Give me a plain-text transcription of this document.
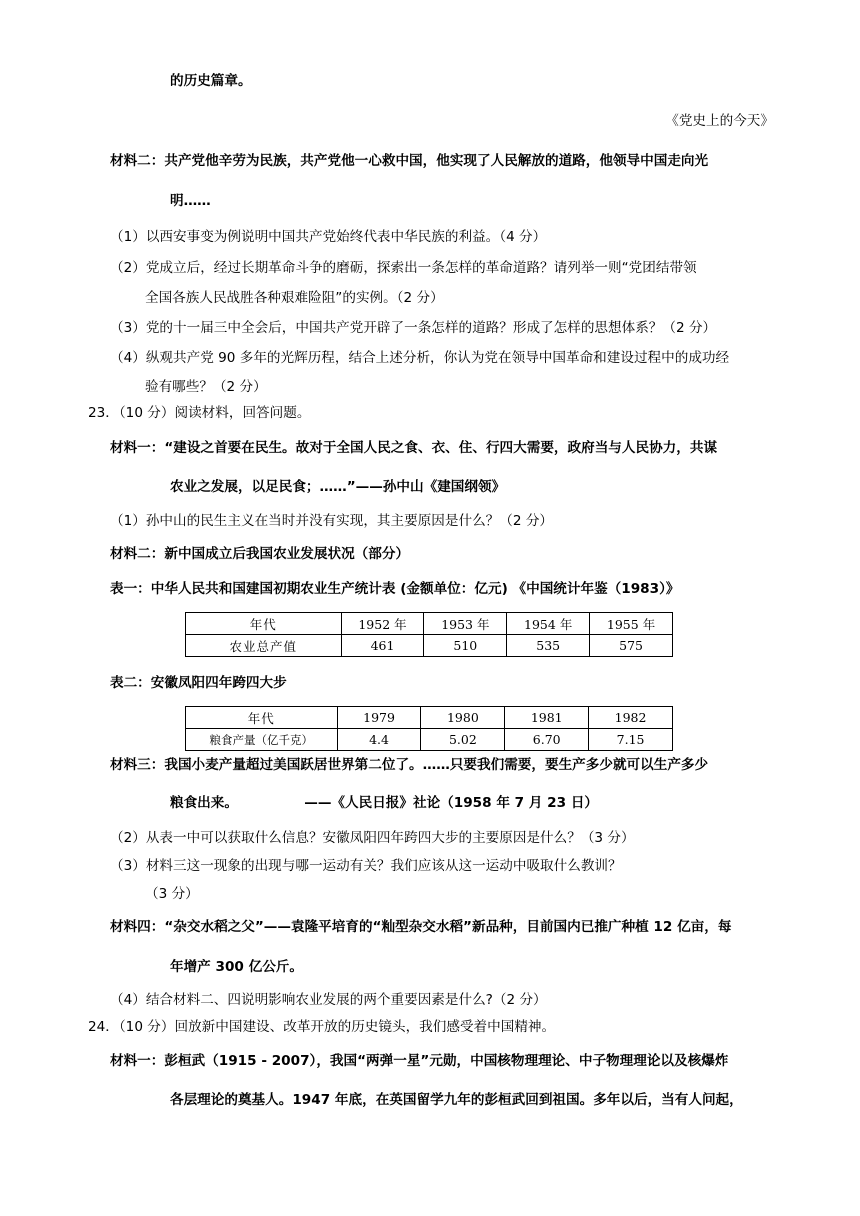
的历史篇章。
《党史上的今天》
材料二：共产党他辛劳为民族，共产党他一心救中国，他实现了人民解放的道路，他领导中国走向光
明……
（1）以西安事变为例说明中国共产党始终代表中华民族的利益。（4 分）
（2）党成立后，经过长期革命斗争的磨砺，探索出一条怎样的革命道路？请列举一则“党团结带领
全国各族人民战胜各种艰难险阻”的实例。（2 分）
（3）党的十一届三中全会后，中国共产党开辟了一条怎样的道路？形成了怎样的思想体系？（2 分）
（4）纵观共产党 90 多年的光辉历程，结合上述分析，你认为党在领导中国革命和建设过程中的成功经
验有哪些？（2 分）
23．（10 分）阅读材料，回答问题。
材料一：“建设之首要在民生。故对于全国人民之食、衣、住、行四大需要，政府当与人民协力，共谋
农业之发展，以足民食；……”——孙中山《建国纲领》
（1）孙中山的民生主义在当时并没有实现，其主要原因是什么？（2 分）
材料二：新中国成立后我国农业发展状况（部分）
表一：中华人民共和国建国初期农业生产统计表 (金额单位：亿元) 《中国统计年鉴（1983）》
年代	1952 年	1953 年	1954 年	1955 年
农业总产值	461	510	535	575
表二：安徽凤阳四年跨四大步
年代	1979	1980	1981	1982
粮食产量（亿千克）	4.4	5.02	6.70	7.15
材料三：我国小麦产量超过美国跃居世界第二位了。……只要我们需要，要生产多少就可以生产多少
粮食出来。              ——《人民日报》社论（1958 年 7 月 23 日）
（2）从表一中可以获取什么信息？安徽凤阳四年跨四大步的主要原因是什么？（3 分）
（3）材料三这一现象的出现与哪一运动有关？我们应该从这一运动中吸取什么教训？
（3 分）
材料四：“杂交水稻之父”——袁隆平培育的“籼型杂交水稻”新品种，目前国内已推广种植 12 亿亩，每
年增产 300 亿公斤。
（4）结合材料二、四说明影响农业发展的两个重要因素是什么?（2 分）
24．（10 分）回放新中国建设、改革开放的历史镜头，我们感受着中国精神。
材料一：彭桓武（1915 - 2007），我国“两弹一星”元勋，中国核物理理论、中子物理理论以及核爆炸
各层理论的奠基人。1947 年底，在英国留学九年的彭桓武回到祖国。多年以后，当有人问起，
